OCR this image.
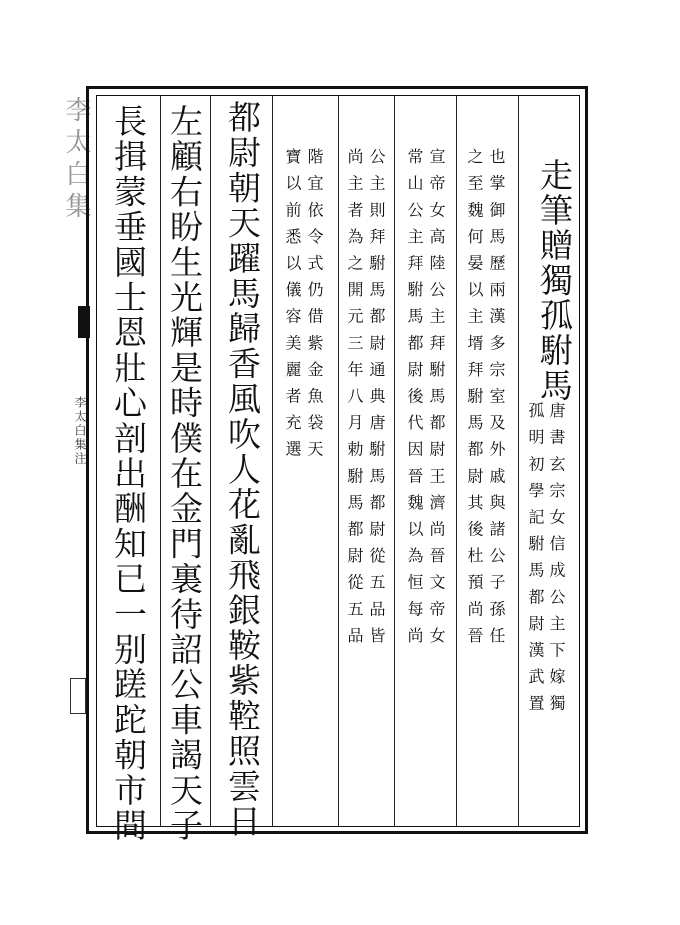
李太白集
李太白集注
走筆贈獨孤駙馬
唐書玄宗女信成公主下嫁獨
孤明初學記駙馬都尉漢武置
也掌御馬歷兩漢多宗室及外戚與諸公子孫任
之至魏何晏以主壻拜駙馬都尉其後杜預尚晉
宣帝女高陸公主拜駙馬都尉王濟尚晉文帝女
常山公主拜駙馬都尉後代因晉魏以為恒每尚
公主則拜駙馬都尉通典唐駙馬都尉從五品皆
尚主者為之開元三年八月勅駙馬都尉從五品
階宜依令式仍借紫金魚袋天
寶以前悉以儀容美麗者充選
都尉朝天躍馬歸香風吹人花亂飛銀鞍紫鞚照雲日
左顧右盼生光輝是時僕在金門裏待詔公車謁天子
長揖蒙垂國士恩壯心剖出酬知已一别蹉跎朝市間
